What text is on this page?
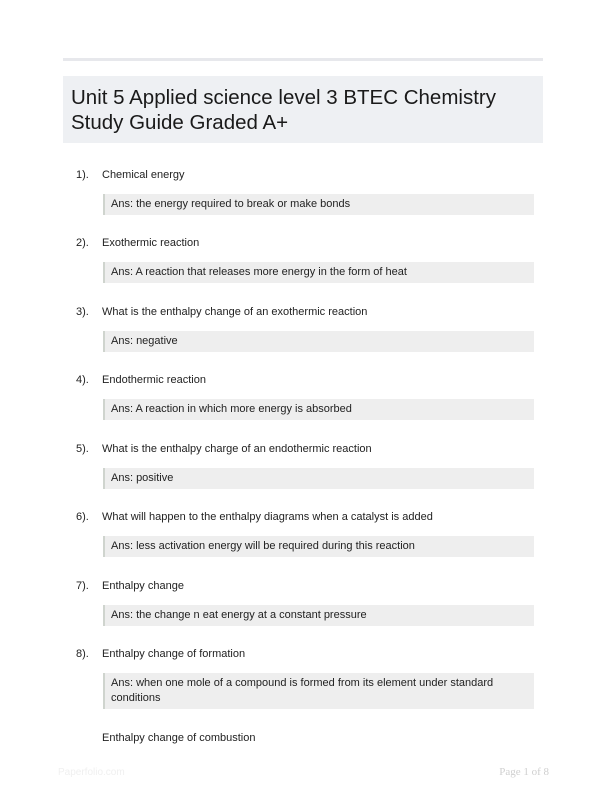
Unit 5 Applied science level 3 BTEC Chemistry Study Guide Graded A+
1). Chemical energy
Ans: the energy required to break or make bonds
2). Exothermic reaction
Ans: A reaction that releases more energy in the form of heat
3). What is the enthalpy change of an exothermic reaction
Ans: negative
4). Endothermic reaction
Ans: A reaction in which more energy is absorbed
5). What is the enthalpy charge of an endothermic reaction
Ans: positive
6). What will happen to the enthalpy diagrams when a catalyst is added
Ans: less activation energy will be required during this reaction
7). Enthalpy change
Ans: the change n eat energy at a constant pressure
8). Enthalpy change of formation
Ans: when one mole of a compound is formed from its element under standard conditions
Enthalpy change of combustion
Paperfolio.com	Page 1 of 8
